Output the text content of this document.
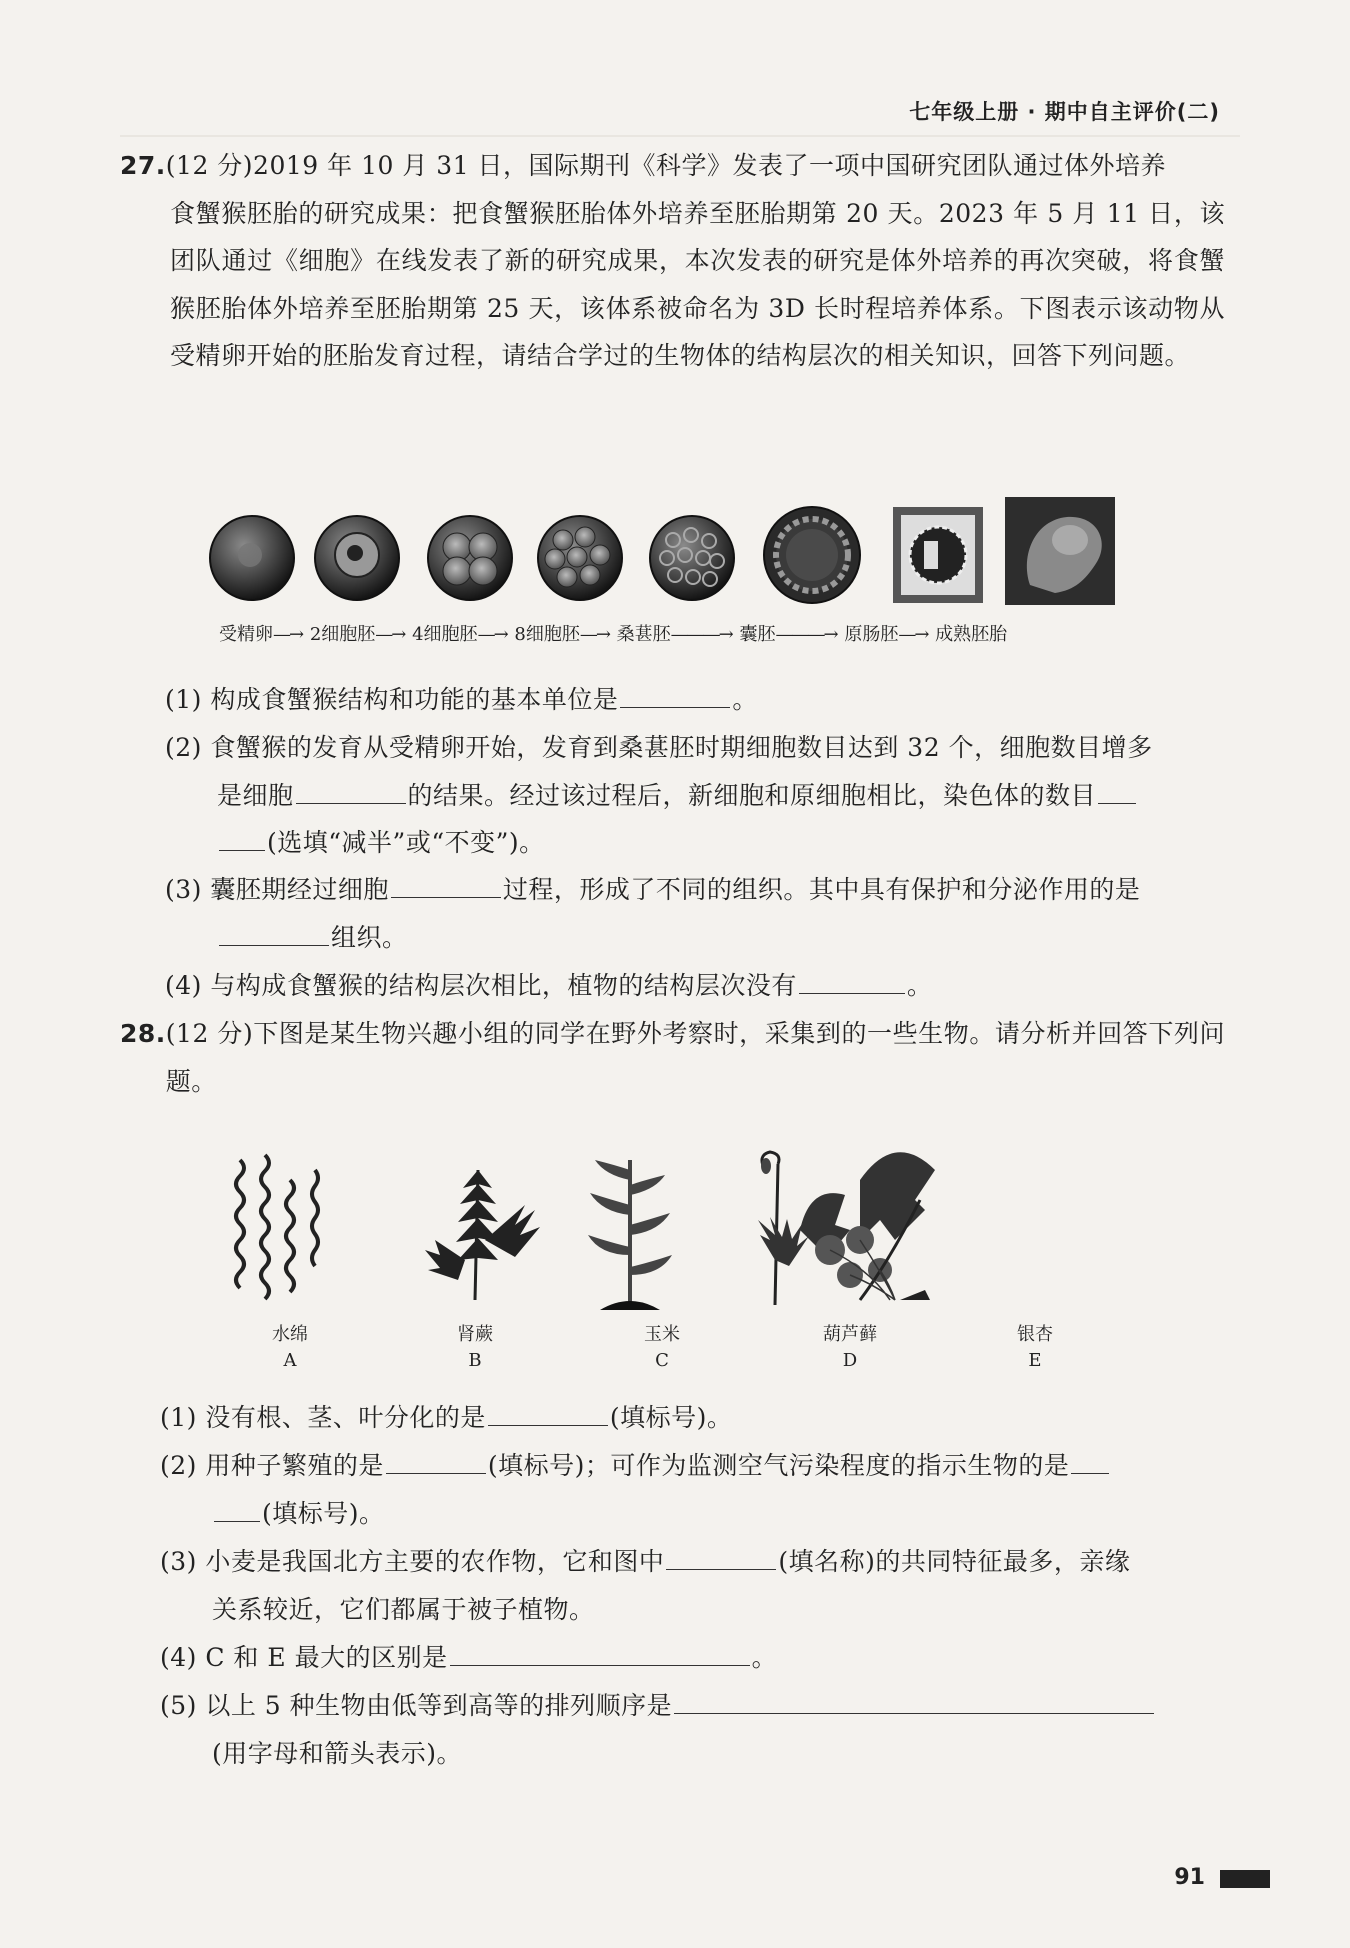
七年级上册 · 期中自主评价(二)
27.(12 分)2019 年 10 月 31 日，国际期刊《科学》发表了一项中国研究团队通过体外培养
食蟹猴胚胎的研究成果：把食蟹猴胚胎体外培养至胚胎期第 20 天。2023 年 5 月 11 日，该团队通过《细胞》在线发表了新的研究成果，本次发表的研究是体外培养的再次突破，将食蟹猴胚胎体外培养至胚胎期第 25 天，该体系被命名为 3D 长时程培养体系。下图表示该动物从受精卵开始的胚胎发育过程，请结合学过的生物体的结构层次的相关知识，回答下列问题。
受精卵—→ 2细胞胚—→ 4细胞胚—→ 8细胞胚—→ 桑葚胚———→ 囊胚———→ 原肠胚—→ 成熟胚胎
(1) 构成食蟹猴结构和功能的基本单位是	。
(2) 食蟹猴的发育从受精卵开始，发育到桑葚胚时期细胞数目达到 32 个，细胞数目增多
是细胞	的结果。经过该过程后，新细胞和原细胞相比，染色体的数目
(选填“减半”或“不变”)。
(3) 囊胚期经过细胞	过程，形成了不同的组织。其中具有保护和分泌作用的是
组织。
(4) 与构成食蟹猴的结构层次相比，植物的结构层次没有	。
28. (12 分)下图是某生物兴趣小组的同学在野外考察时，采集到的一些生物。请分析并回答下列问题。
水绵
A
肾蕨
B
玉米
C
葫芦藓
D
银杏
E
(1) 没有根、茎、叶分化的是	(填标号)。
(2) 用种子繁殖的是	(填标号)；可作为监测空气污染程度的指示生物的是
(填标号)。
(3) 小麦是我国北方主要的农作物，它和图中	(填名称)的共同特征最多，亲缘
关系较近，它们都属于被子植物。
(4) C 和 E 最大的区别是	。
(5) 以上 5 种生物由低等到高等的排列顺序是
(用字母和箭头表示)。
91
